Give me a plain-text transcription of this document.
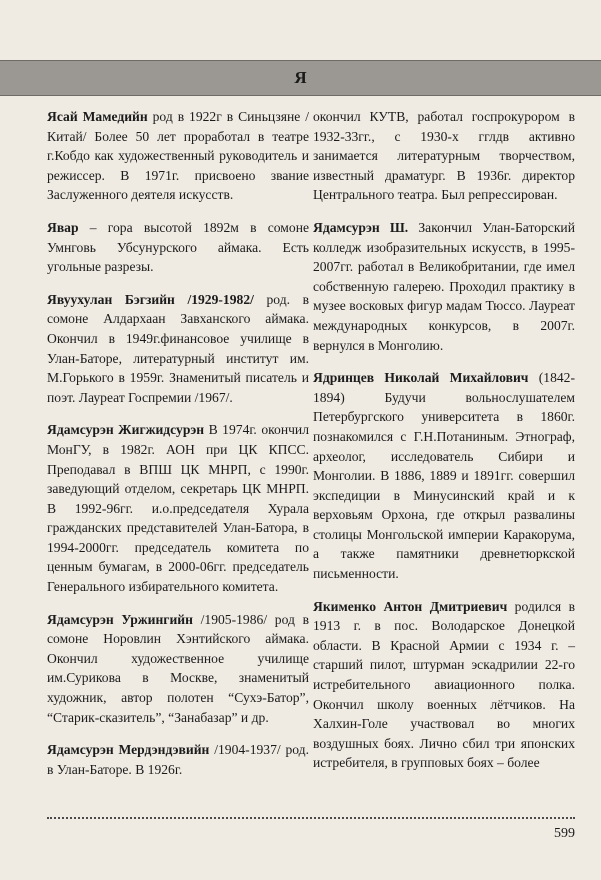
Я

Ясай Мамедийн род в 1922г в Синьцзяне /Китай/ Более 50 лет проработал в театре г.Кобдо как художественный руководитель и режиссер. В 1971г. присвоено звание Заслуженного деятеля искусств.

Явар – гора высотой 1892м в сомоне Умнговь Убсунурского аймака. Есть угольные разрезы.

Явуухулан Бэгзийн /1929-1982/ род. в сомоне Алдархаан Завханского аймака. Окончил в 1949г.финансовое училище в Улан-Баторе, литературный институт им. М.Горького в 1959г. Знаменитый писатель и поэт. Лауреат Госпремии /1967/.

Ядамсурэн Жигжидсурэн В 1974г. окончил МонГУ, в 1982г. АОН при ЦК КПСС. Преподавал в ВПШ ЦК МНРП, с 1990г. заведующий отделом, секретарь ЦК МНРП. В 1992-96гг. и.о.председателя Хурала гражданских представителей Улан-Батора, в 1994-2000гг. председатель комитета по ценным бумагам, в 2000-06гг. председатель Генерального избирательного комитета.

Ядамсурэн Уржингийн /1905-1986/ род в сомоне Норовлин Хэнтийского аймака. Окончил художественное училище им.Сурикова в Москве, знаменитый художник, автор полотен “Сухэ-Батор”, “Старик-сказитель”, “Занабазар” и др.

Ядамсурэн Мердэндэвийн /1904-1937/ род. в Улан-Баторе. В 1926г.

окончил КУТВ, работал госпрокурором в 1932-33гг., с 1930-х гглдв активно занимается литературным творчеством, известный драматург. В 1936г. директор Центрального театра. Был репрессирован.

Ядамсурэн Ш. Закончил Улан-Баторский колледж изобразительных искусств, в 1995-2007гг. работал в Великобритании, где имел собственную галерею. Проходил практику в музее восковых фигур мадам Тюссо. Лауреат международных конкурсов, в 2007г. вернулся в Монголию.

Ядринцев Николай Михайлович (1842-1894) Будучи вольнослушателем Петербургского университета в 1860г. познакомился с Г.Н.Потаниным. Этнограф, археолог, исследователь Сибири и Монголии. В 1886, 1889 и 1891гг. совершил экспедиции в Минусинский край и к верховьям Орхона, где открыл развалины столицы Монгольской империи Каракорума, а также памятники древнетюркской письменности.

Якименко Антон Дмитриевич родился в 1913 г. в пос. Володарское Донецкой области. В Красной Армии с 1934 г. – старший пилот, штурман эскадрилии 22-го истребительного авиационного полка. Окончил школу военных лётчиков. На Халхин-Голе участвовал во многих воздушных боях. Лично сбил три японских истребителя, в групповых боях – более

599
